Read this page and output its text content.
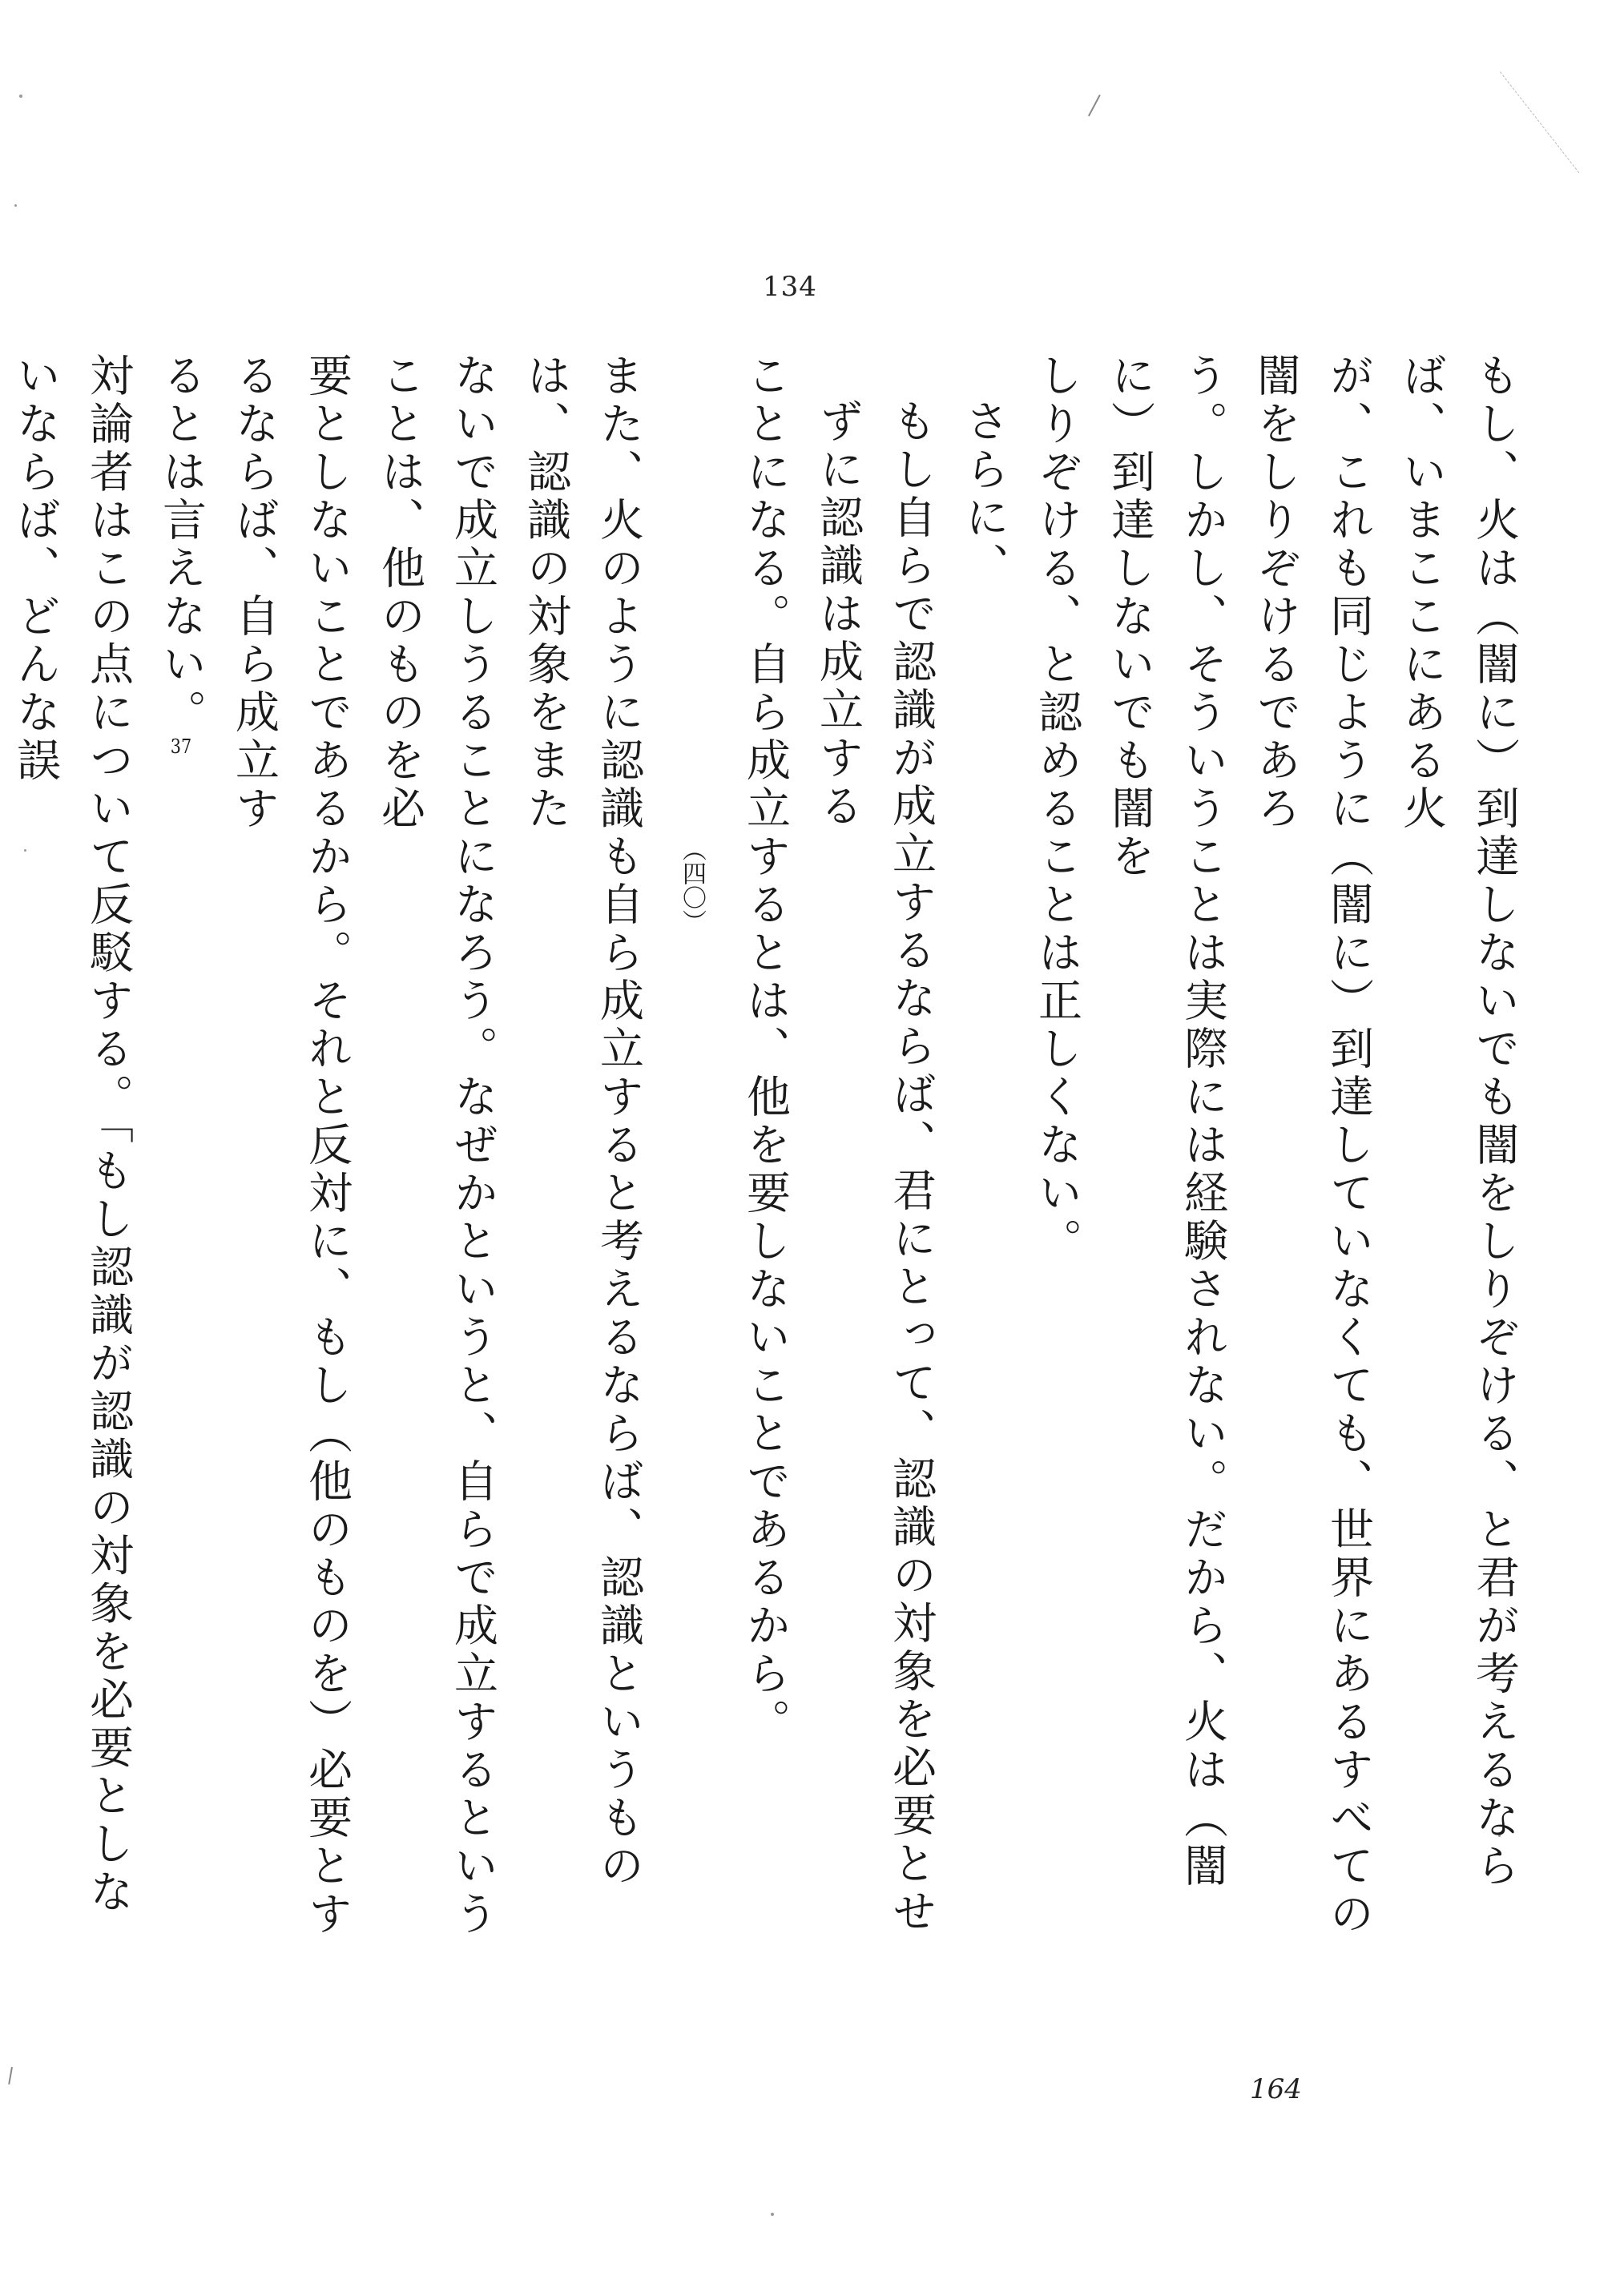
134
もし、火は（闇に）到達しないでも闇をしりぞける、と君が考えるならば、いまここにある火
が、これも同じように（闇に）到達していなくても、世界にあるすべての闇をしりぞけるであろ
う。しかし、そういうことは実際には経験されない。だから、火は（闇に）到達しないでも闇を
しりぞける、と認めることは正しくない。
さらに、
もし自らで認識が成立するならば、君にとって、認識の対象を必要とせずに認識は成立する
ことになる。自ら成立するとは、他を要しないことであるから。（四〇）
また、火のように認識も自ら成立すると考えるならば、認識というものは、認識の対象をまた
ないで成立しうることになろう。なぜかというと、自らで成立するということは、他のものを必
要としないことであるから。それと反対に、もし（他のものを）必要とするならば、自ら成立す
るとは言えない。37
対論者はこの点について反駁する。「もし認識が認識の対象を必要としないならば、どんな誤
164
